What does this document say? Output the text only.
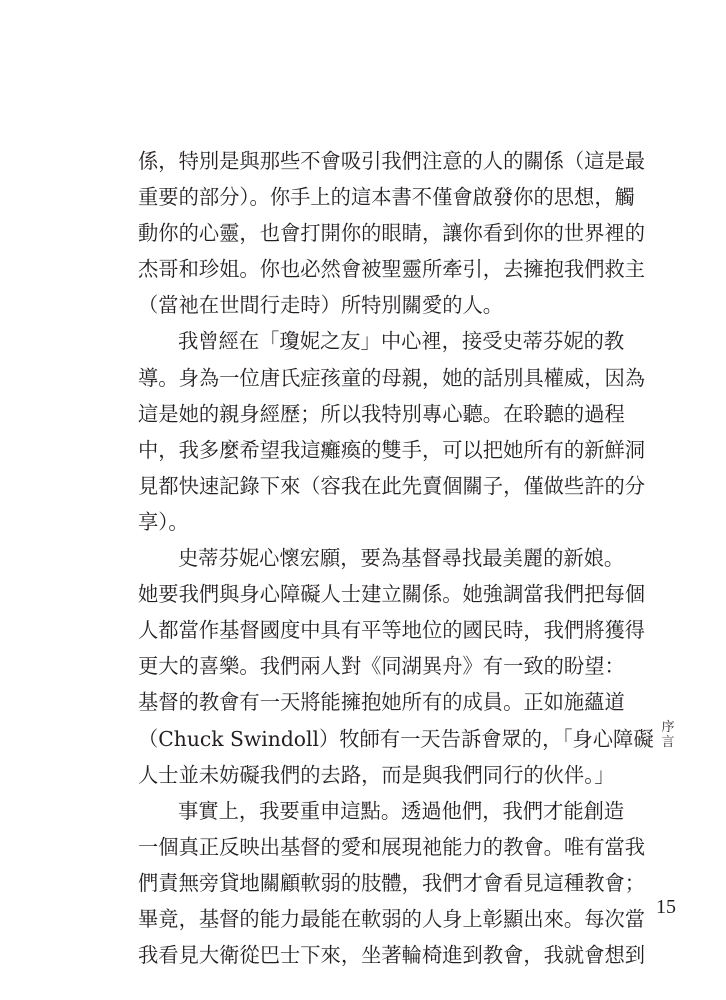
係，特別是與那些不會吸引我們注意的人的關係（這是最
重要的部分）。你手上的這本書不僅會啟發你的思想，觸
動你的心靈，也會打開你的眼睛，讓你看到你的世界裡的
杰哥和珍姐。你也必然會被聖靈所牽引，去擁抱我們救主
（當祂在世間行走時）所特別關愛的人。
我曾經在「瓊妮之友」中心裡，接受史蒂芬妮的教
導。身為一位唐氏症孩童的母親，她的話別具權威，因為
這是她的親身經歷；所以我特別專心聽。在聆聽的過程
中，我多麼希望我這癱瘓的雙手，可以把她所有的新鮮洞
見都快速記錄下來（容我在此先賣個關子，僅做些許的分
享）。
史蒂芬妮心懷宏願，要為基督尋找最美麗的新娘。
她要我們與身心障礙人士建立關係。她強調當我們把每個
人都當作基督國度中具有平等地位的國民時，我們將獲得
更大的喜樂。我們兩人對《同湖異舟》有一致的盼望：
基督的教會有一天將能擁抱她所有的成員。正如施蘊道
（Chuck Swindoll）牧師有一天告訴會眾的，「身心障礙
人士並未妨礙我們的去路，而是與我們同行的伙伴。」
事實上，我要重申這點。透過他們，我們才能創造
一個真正反映出基督的愛和展現祂能力的教會。唯有當我
們責無旁貸地關顧軟弱的肢體，我們才會看見這種教會；
畢竟，基督的能力最能在軟弱的人身上彰顯出來。每次當
我看見大衛從巴士下來，坐著輪椅進到教會，我就會想到
序
言
15
